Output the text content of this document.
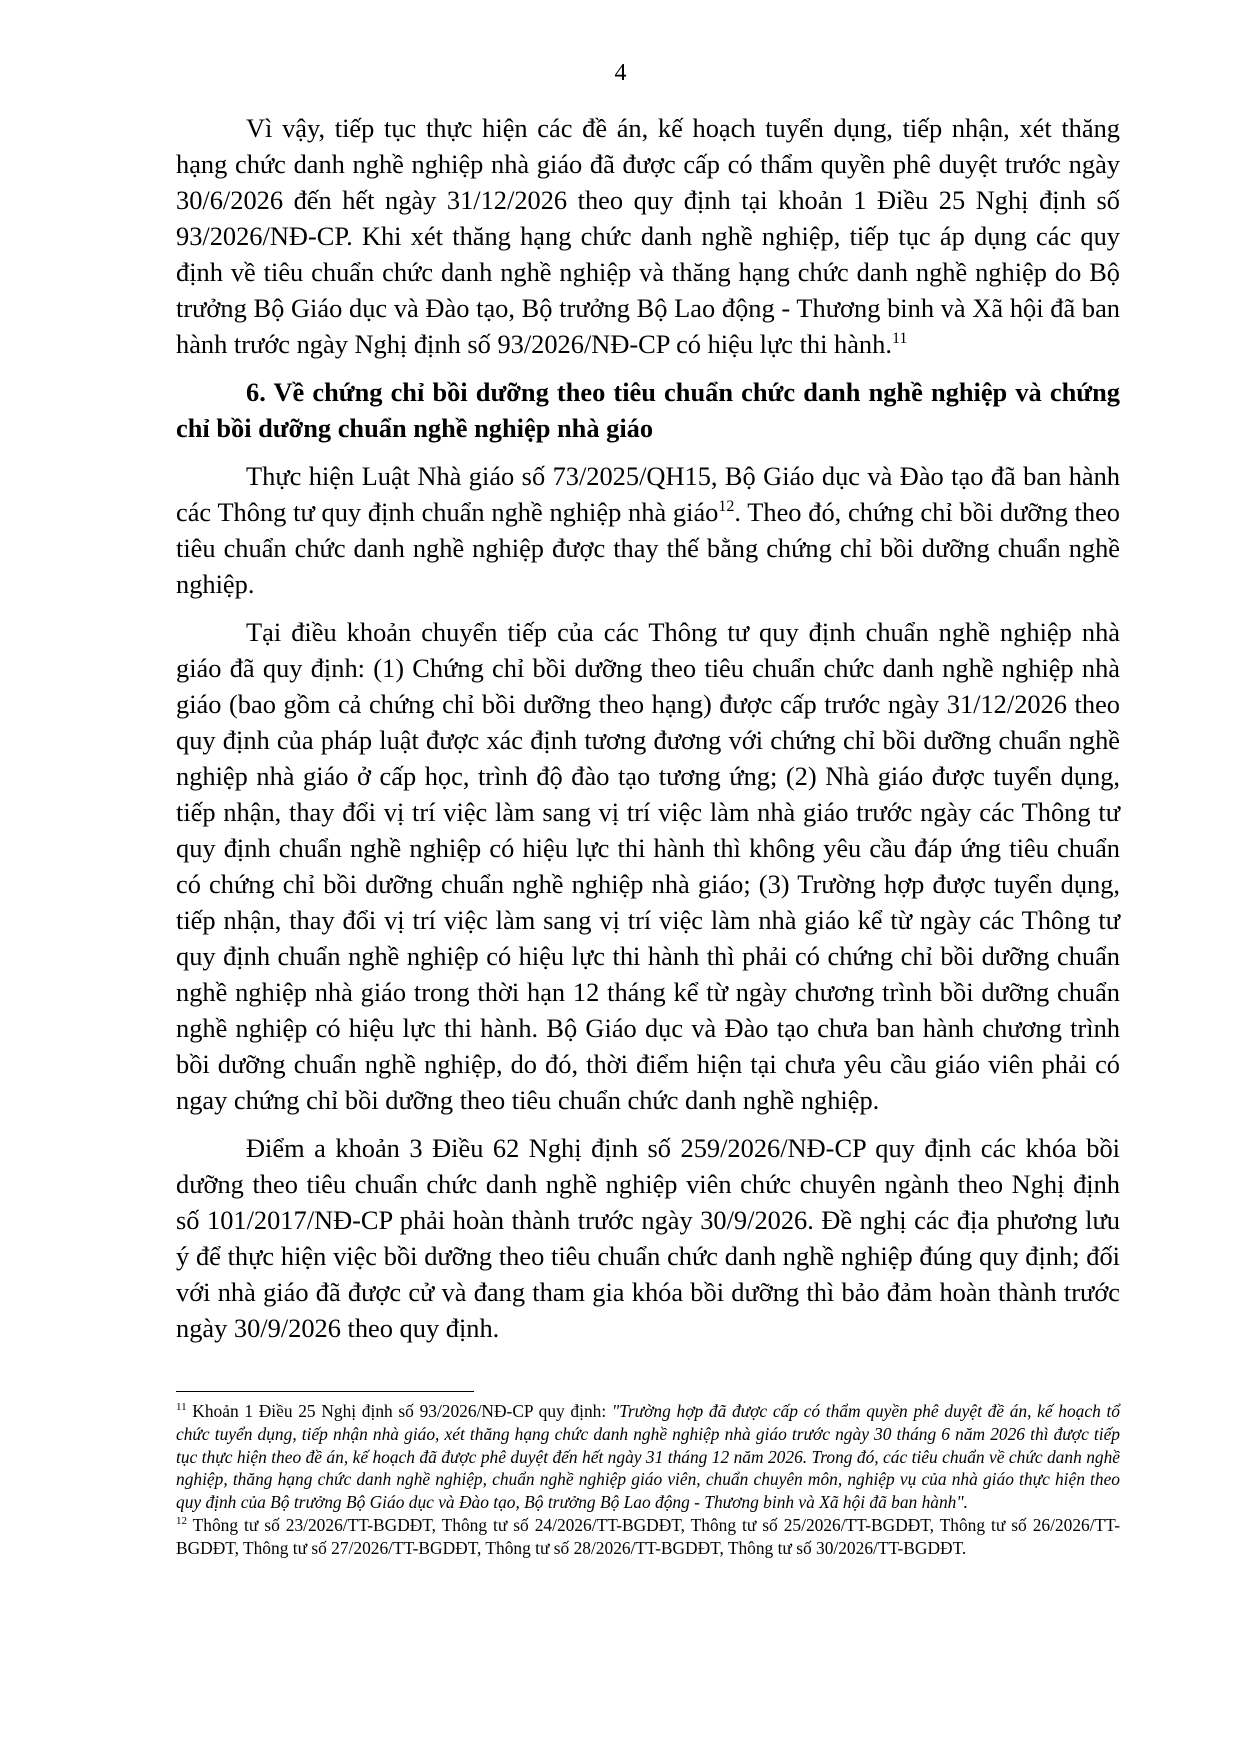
4

Vì vậy, tiếp tục thực hiện các đề án, kế hoạch tuyển dụng, tiếp nhận, xét thăng hạng chức danh nghề nghiệp nhà giáo đã được cấp có thẩm quyền phê duyệt trước ngày 30/6/2026 đến hết ngày 31/12/2026 theo quy định tại khoản 1 Điều 25 Nghị định số 93/2026/NĐ-CP. Khi xét thăng hạng chức danh nghề nghiệp, tiếp tục áp dụng các quy định về tiêu chuẩn chức danh nghề nghiệp và thăng hạng chức danh nghề nghiệp do Bộ trưởng Bộ Giáo dục và Đào tạo, Bộ trưởng Bộ Lao động - Thương binh và Xã hội đã ban hành trước ngày Nghị định số 93/2026/NĐ-CP có hiệu lực thi hành.$^{11}$

6. Về chứng chỉ bồi dưỡng theo tiêu chuẩn chức danh nghề nghiệp và chứng chỉ bồi dưỡng chuẩn nghề nghiệp nhà giáo

Thực hiện Luật Nhà giáo số 73/2025/QH15, Bộ Giáo dục và Đào tạo đã ban hành các Thông tư quy định chuẩn nghề nghiệp nhà giáo$^{12}$. Theo đó, chứng chỉ bồi dưỡng theo tiêu chuẩn chức danh nghề nghiệp được thay thế bằng chứng chỉ bồi dưỡng chuẩn nghề nghiệp.

Tại điều khoản chuyển tiếp của các Thông tư quy định chuẩn nghề nghiệp nhà giáo đã quy định: (1) Chứng chỉ bồi dưỡng theo tiêu chuẩn chức danh nghề nghiệp nhà giáo (bao gồm cả chứng chỉ bồi dưỡng theo hạng) được cấp trước ngày 31/12/2026 theo quy định của pháp luật được xác định tương đương với chứng chỉ bồi dưỡng chuẩn nghề nghiệp nhà giáo ở cấp học, trình độ đào tạo tương ứng; (2) Nhà giáo được tuyển dụng, tiếp nhận, thay đổi vị trí việc làm sang vị trí việc làm nhà giáo trước ngày các Thông tư quy định chuẩn nghề nghiệp có hiệu lực thi hành thì không yêu cầu đáp ứng tiêu chuẩn có chứng chỉ bồi dưỡng chuẩn nghề nghiệp nhà giáo; (3) Trường hợp được tuyển dụng, tiếp nhận, thay đổi vị trí việc làm sang vị trí việc làm nhà giáo kể từ ngày các Thông tư quy định chuẩn nghề nghiệp có hiệu lực thi hành thì phải có chứng chỉ bồi dưỡng chuẩn nghề nghiệp nhà giáo trong thời hạn 12 tháng kể từ ngày chương trình bồi dưỡng chuẩn nghề nghiệp có hiệu lực thi hành. Bộ Giáo dục và Đào tạo chưa ban hành chương trình bồi dưỡng chuẩn nghề nghiệp, do đó, thời điểm hiện tại chưa yêu cầu giáo viên phải có ngay chứng chỉ bồi dưỡng theo tiêu chuẩn chức danh nghề nghiệp.

Điểm a khoản 3 Điều 62 Nghị định số 259/2026/NĐ-CP quy định các khóa bồi dưỡng theo tiêu chuẩn chức danh nghề nghiệp viên chức chuyên ngành theo Nghị định số 101/2017/NĐ-CP phải hoàn thành trước ngày 30/9/2026. Đề nghị các địa phương lưu ý để thực hiện việc bồi dưỡng theo tiêu chuẩn chức danh nghề nghiệp đúng quy định; đối với nhà giáo đã được cử và đang tham gia khóa bồi dưỡng thì bảo đảm hoàn thành trước ngày 30/9/2026 theo quy định.

$^{11}$ Khoản 1 Điều 25 Nghị định số 93/2026/NĐ-CP quy định: "Trường hợp đã được cấp có thẩm quyền phê duyệt đề án, kế hoạch tổ chức tuyển dụng, tiếp nhận nhà giáo, xét thăng hạng chức danh nghề nghiệp nhà giáo trước ngày 30 tháng 6 năm 2026 thì được tiếp tục thực hiện theo đề án, kế hoạch đã được phê duyệt đến hết ngày 31 tháng 12 năm 2026. Trong đó, các tiêu chuẩn về chức danh nghề nghiệp, thăng hạng chức danh nghề nghiệp, chuẩn nghề nghiệp giáo viên, chuẩn chuyên môn, nghiệp vụ của nhà giáo thực hiện theo quy định của Bộ trưởng Bộ Giáo dục và Đào tạo, Bộ trưởng Bộ Lao động - Thương binh và Xã hội đã ban hành".

$^{12}$ Thông tư số 23/2026/TT-BGDĐT, Thông tư số 24/2026/TT-BGDĐT, Thông tư số 25/2026/TT-BGDĐT, Thông tư số 26/2026/TT-BGDĐT, Thông tư số 27/2026/TT-BGDĐT, Thông tư số 28/2026/TT-BGDĐT, Thông tư số 30/2026/TT-BGDĐT.
